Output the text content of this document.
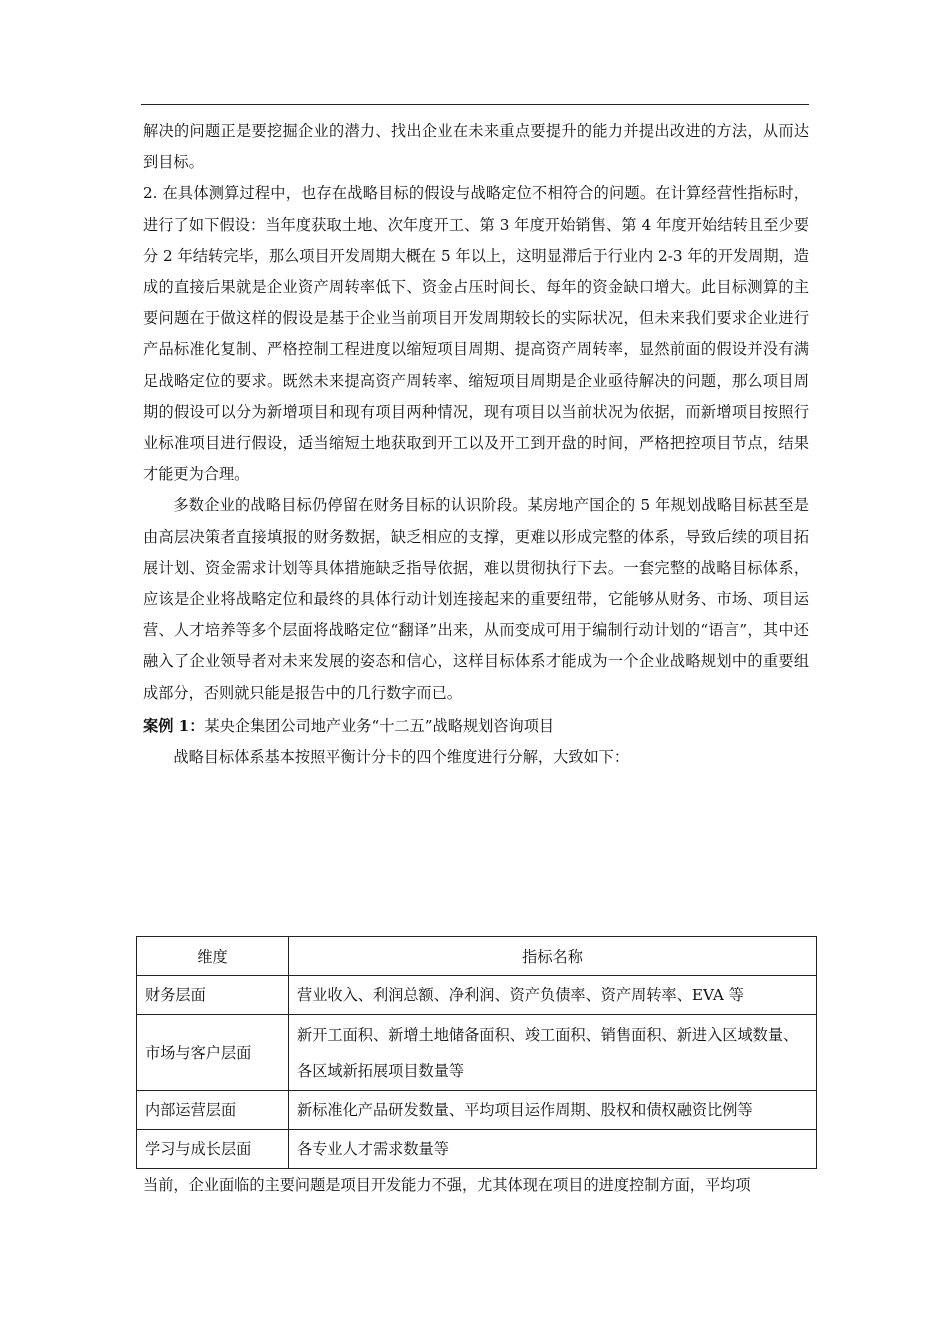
解决的问题正是要挖掘企业的潜力、找出企业在未来重点要提升的能力并提出改进的方法，从而达到目标。

2. 在具体测算过程中，也存在战略目标的假设与战略定位不相符合的问题。在计算经营性指标时，进行了如下假设：当年度获取土地、次年度开工、第 3 年度开始销售、第 4 年度开始结转且至少要分 2 年结转完毕，那么项目开发周期大概在 5 年以上，这明显滞后于行业内 2-3 年的开发周期，造成的直接后果就是企业资产周转率低下、资金占压时间长、每年的资金缺口增大。此目标测算的主要问题在于做这样的假设是基于企业当前项目开发周期较长的实际状况，但未来我们要求企业进行产品标准化复制、严格控制工程进度以缩短项目周期、提高资产周转率，显然前面的假设并没有满足战略定位的要求。既然未来提高资产周转率、缩短项目周期是企业亟待解决的问题，那么项目周期的假设可以分为新增项目和现有项目两种情况，现有项目以当前状况为依据，而新增项目按照行业标准项目进行假设，适当缩短土地获取到开工以及开工到开盘的时间，严格把控项目节点，结果才能更为合理。

多数企业的战略目标仍停留在财务目标的认识阶段。某房地产国企的 5 年规划战略目标甚至是由高层决策者直接填报的财务数据，缺乏相应的支撑，更难以形成完整的体系，导致后续的项目拓展计划、资金需求计划等具体措施缺乏指导依据，难以贯彻执行下去。一套完整的战略目标体系，应该是企业将战略定位和最终的具体行动计划连接起来的重要纽带，它能够从财务、市场、项目运营、人才培养等多个层面将战略定位“翻译”出来，从而变成可用于编制行动计划的“语言”，其中还融入了企业领导者对未来发展的姿态和信心，这样目标体系才能成为一个企业战略规划中的重要组成部分，否则就只能是报告中的几行数字而已。

案例 1：某央企集团公司地产业务“十二五”战略规划咨询项目

战略目标体系基本按照平衡计分卡的四个维度进行分解，大致如下：

维度	指标名称
财务层面	营业收入、利润总额、净利润、资产负债率、资产周转率、EVA 等
市场与客户层面	新开工面积、新增土地储备面积、竣工面积、销售面积、新进入区域数量、各区域新拓展项目数量等
内部运营层面	新标准化产品研发数量、平均项目运作周期、股权和债权融资比例等
学习与成长层面	各专业人才需求数量等

当前，企业面临的主要问题是项目开发能力不强，尤其体现在项目的进度控制方面，平均项
